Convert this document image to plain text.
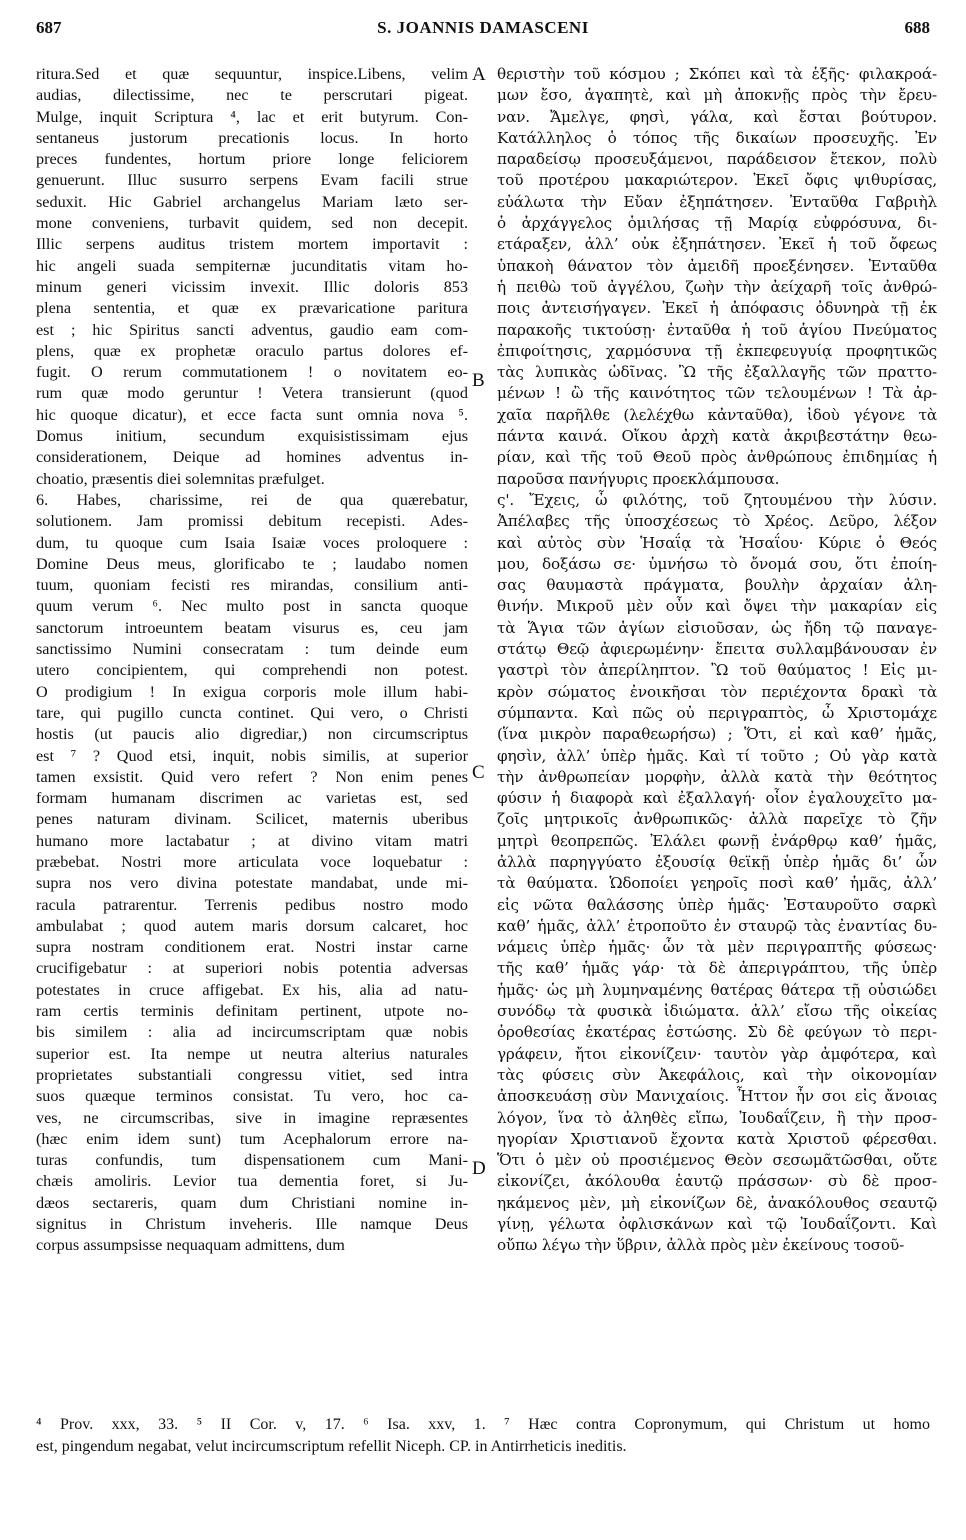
687	S. JOANNIS DAMASCENI	688
ritura.Sed et quæ sequuntur, inspice.Libens, velim
audias, dilectissime, nec te perscrutari pigeat.
Mulge, inquit Scriptura ⁴, lac et erit butyrum. Con-
sentaneus justorum precationis locus. In horto
preces fundentes, hortum priore longe feliciorem
genuerunt. Illuc susurro serpens Evam facili strue
seduxit. Hic Gabriel archangelus Mariam læto ser-
mone conveniens, turbavit quidem, sed non decepit.
Illic serpens auditus tristem mortem importavit :
hic angeli suada sempiternæ jucunditatis vitam ho-
minum generi vicissim invexit. Illic doloris 853
plena sententia, et quæ ex prævaricatione paritura
est ; hic Spiritus sancti adventus, gaudio eam com-
plens, quæ ex prophetæ oraculo partus dolores ef-
fugit. O rerum commutationem ! o novitatem eo-
rum quæ modo geruntur ! Vetera transierunt (quod
hic quoque dicatur), et ecce facta sunt omnia nova ⁵.
Domus initium, secundum exquisistissimam ejus
considerationem, Deique ad homines adventus in-
choatio, præsentis diei solemnitas præfulget.
6. Habes, charissime, rei de qua quærebatur,
solutionem. Jam promissi debitum recepisti. Ades-
dum, tu quoque cum Isaia Isaiæ voces proloquere :
Domine Deus meus, glorificabo te ; laudabo nomen
tuum, quoniam fecisti res mirandas, consilium anti-
quum verum ⁶. Nec multo post in sancta quoque
sanctorum introeuntem beatam visurus es, ceu jam
sanctissimo Numini consecratam : tum deinde eum
utero concipientem, qui comprehendi non potest.
O prodigium ! In exigua corporis mole illum habi-
tare, qui pugillo cuncta continet. Qui vero, o Christi
hostis (ut paucis alio digrediar,) non circumscriptus
est ⁷ ? Quod etsi, inquit, nobis similis, at superior
tamen exsistit. Quid vero refert ? Non enim penes
formam humanam discrimen ac varietas est, sed
penes naturam divinam. Scilicet, maternis uberibus
humano more lactabatur ; at divino vitam matri
præbebat. Nostri more articulata voce loquebatur :
supra nos vero divina potestate mandabat, unde mi-
racula patrarentur. Terrenis pedibus nostro modo
ambulabat ; quod autem maris dorsum calcaret, hoc
supra nostram conditionem erat. Nostri instar carne
crucifigebatur : at superiori nobis potentia adversas
potestates in cruce affigebat. Ex his, alia ad natu-
ram certis terminis definitam pertinent, utpote no-
bis similem : alia ad incircumscriptam quæ nobis
superior est. Ita nempe ut neutra alterius naturales
proprietates substantiali congressu vitiet, sed intra
suos quæque terminos consistat. Tu vero, hoc ca-
ves, ne circumscribas, sive in imagine repræsentes
(hæc enim idem sunt) tum Acephalorum errore na-
turas confundis, tum dispensationem cum Mani-
chæis amoliris. Levior tua dementia foret, si Ju-
dæos sectareris, quam dum Christiani nomine in-
signitus in Christum inveheris. Ille namque Deus
corpus assumpsisse nequaquam admittens, dum
θεριστὴν τοῦ κόσμου ; Σκόπει καὶ τὰ ἑξῆς· φιλακροά-
μων ἔσο, ἀγαπητὲ, καὶ μὴ ἀποκνῇς πρὸς τὴν ἔρευ-
ναν. Ἄμελγε, φησὶ, γάλα, καὶ ἔσται βούτυρον.
Κατάλληλος ὁ τόπος τῆς δικαίων προσευχῆς. Ἐν
παραδείσῳ προσευξάμενοι, παράδεισον ἔτεκον, πολὺ
τοῦ προτέρου μακαριώτερον. Ἐκεῖ ὄφις ψιθυρίσας,
εὐάλωτα τὴν Εὔαν ἐξηπάτησεν. Ἐνταῦθα Γαβριὴλ
ὁ ἀρχάγγελος ὁμιλήσας τῇ Μαρίᾳ εὐφρόσυνα, δι-
ετάραξεν, ἀλλ’ οὐκ ἐξηπάτησεν. Ἐκεῖ ἡ τοῦ ὄφεως
ὑπακοὴ θάνατον τὸν ἀμειδῆ προεξένησεν. Ἐνταῦθα
ἡ πειθὼ τοῦ ἀγγέλου, ζωὴν τὴν ἀείχαρῆ τοῖς ἀνθρώ-
ποις ἀντεισήγαγεν. Ἐκεῖ ἡ ἀπόφασις ὀδυνηρὰ τῇ ἐκ
παρακοῆς τικτούσῃ· ἐνταῦθα ἡ τοῦ ἁγίου Πνεύματος
ἐπιφοίτησις, χαρμόσυνα τῇ ἐκπεφευγυίᾳ προφητικῶς
τὰς λυπικὰς ὠδῖνας. Ὢ τῆς ἐξαλλαγῆς τῶν πραττο-
μένων ! ὢ τῆς καινότητος τῶν τελουμένων ! Τὰ ἀρ-
χαῖα παρῆλθε (λελέχθω κἀνταῦθα), ἰδοὺ γέγονε τὰ
πάντα καινά. Οἴκου ἀρχὴ κατὰ ἀκριβεστάτην θεω-
ρίαν, καὶ τῆς τοῦ Θεοῦ πρὸς ἀνθρώπους ἐπιδημίας ἡ
παροῦσα πανήγυρις προεκλάμπουσα.
ς'. Ἔχεις, ὦ φιλότης, τοῦ ζητουμένου τὴν λύσιν.
Ἀπέλαβες τῆς ὑποσχέσεως τὸ Χρέος. Δεῦρο, λέξον
καὶ αὐτὸς σὺν Ἡσαΐᾳ τὰ Ἡσαΐου· Κύριε ὁ Θεός
μου, δοξάσω σε· ὑμνήσω τὸ ὄνομά σου, ὅτι ἐποίη-
σας θαυμαστὰ πράγματα, βουλὴν ἀρχαίαν ἀλη-
θινήν. Μικροῦ μὲν οὖν καὶ ὄψει τὴν μακαρίαν εἰς
τὰ Ἅγια τῶν ἁγίων εἰσιοῦσαν, ὡς ἤδη τῷ παναγε-
στάτῳ Θεῷ ἀφιερωμένην· ἔπειτα συλλαμβάνουσαν ἐν
γαστρὶ τὸν ἀπερίληπτον. Ὢ τοῦ θαύματος ! Εἰς μι-
κρὸν σώματος ἐνοικῆσαι τὸν περιέχοντα δρακὶ τὰ
σύμπαντα. Καὶ πῶς οὐ περιγραπτὸς, ὦ Χριστομάχε
(ἵνα μικρὸν παραθεωρήσω) ; Ὅτι, εἰ καὶ καθ’ ἡμᾶς,
φησὶν, ἀλλ’ ὑπὲρ ἡμᾶς. Καὶ τί τοῦτο ; Οὐ γὰρ κατὰ
τὴν ἀνθρωπείαν μορφὴν, ἀλλὰ κατὰ τὴν θεότητος
φύσιν ἡ διαφορὰ καὶ ἐξαλλαγή· οἷον ἐγαλουχεῖτο μα-
ζοῖς μητρικοῖς ἀνθρωπικῶς· ἀλλὰ παρεῖχε τὸ ζῆν
μητρὶ θεοπρεπῶς. Ἐλάλει φωνῇ ἐνάρθρῳ καθ’ ἡμᾶς,
ἀλλὰ παρηγγύατο ἐξουσίᾳ θεϊκῇ ὑπὲρ ἡμᾶς δι’ ὧν
τὰ θαύματα. Ὡδοποίει γεηροῖς ποσὶ καθ’ ἡμᾶς, ἀλλ’
εἰς νῶτα θαλάσσης ὑπὲρ ἡμᾶς· Ἐσταυροῦτο σαρκὶ
καθ’ ἡμᾶς, ἀλλ’ ἐτροποῦτο ἐν σταυρῷ τὰς ἐναντίας δυ-
νάμεις ὑπὲρ ἡμᾶς· ὧν τὰ μὲν περιγραπτῆς φύσεως·
τῆς καθ’ ἡμᾶς γάρ· τὰ δὲ ἀπεριγράπτου, τῆς ὑπὲρ
ἡμᾶς· ὡς μὴ λυμηναμένης θατέρας θάτερα τῇ οὐσιώδει
συνόδῳ τὰ φυσικὰ ἰδιώματα. ἀλλ’ εἴσω τῆς οἰκείας
ὁροθεσίας ἑκατέρας ἑστώσης. Σὺ δὲ φεύγων τὸ περι-
γράφειν, ἤτοι εἰκονίζειν· ταυτὸν γὰρ ἀμφότερα, καὶ
τὰς φύσεις σὺν Ἀκεφάλοις, καὶ τὴν οἰκονομίαν
ἀποσκευάσῃ σὺν Μανιχαίοις. Ἧττον ἦν σοι εἰς ἄνοιας
λόγον, ἵνα τὸ ἀληθὲς εἴπω, Ἰουδαΐζειν, ἢ τὴν προσ-
ηγορίαν Χριστιανοῦ ἔχοντα κατὰ Χριστοῦ φέρεσθαι.
Ὅτι ὁ μὲν οὐ προσιέμενος Θεὸν σεσωμᾶτῶσθαι, οὔτε
εἰκονίζει, ἀκόλουθα ἑαυτῷ πράσσων· σὺ δὲ προσ-
ηκάμενος μὲν, μὴ εἰκονίζων δὲ, ἀνακόλουθος σεαυτῷ
γίνῃ, γέλωτα ὀφλισκάνων καὶ τῷ Ἰουδαΐζοντι. Καὶ
οὔπω λέγω τὴν ὕβριν, ἀλλὰ πρὸς μὲν ἐκείνους τοσοῦ-
A
B
C
D
⁴ Prov. xxx, 33. ⁵ II Cor. v, 17. ⁶ Isa. xxv, 1. ⁷ Hæc contra Copronymum, qui Christum ut homo
est, pingendum negabat, velut incircumscriptum refellit Niceph. CP. in Antirrheticis ineditis.
